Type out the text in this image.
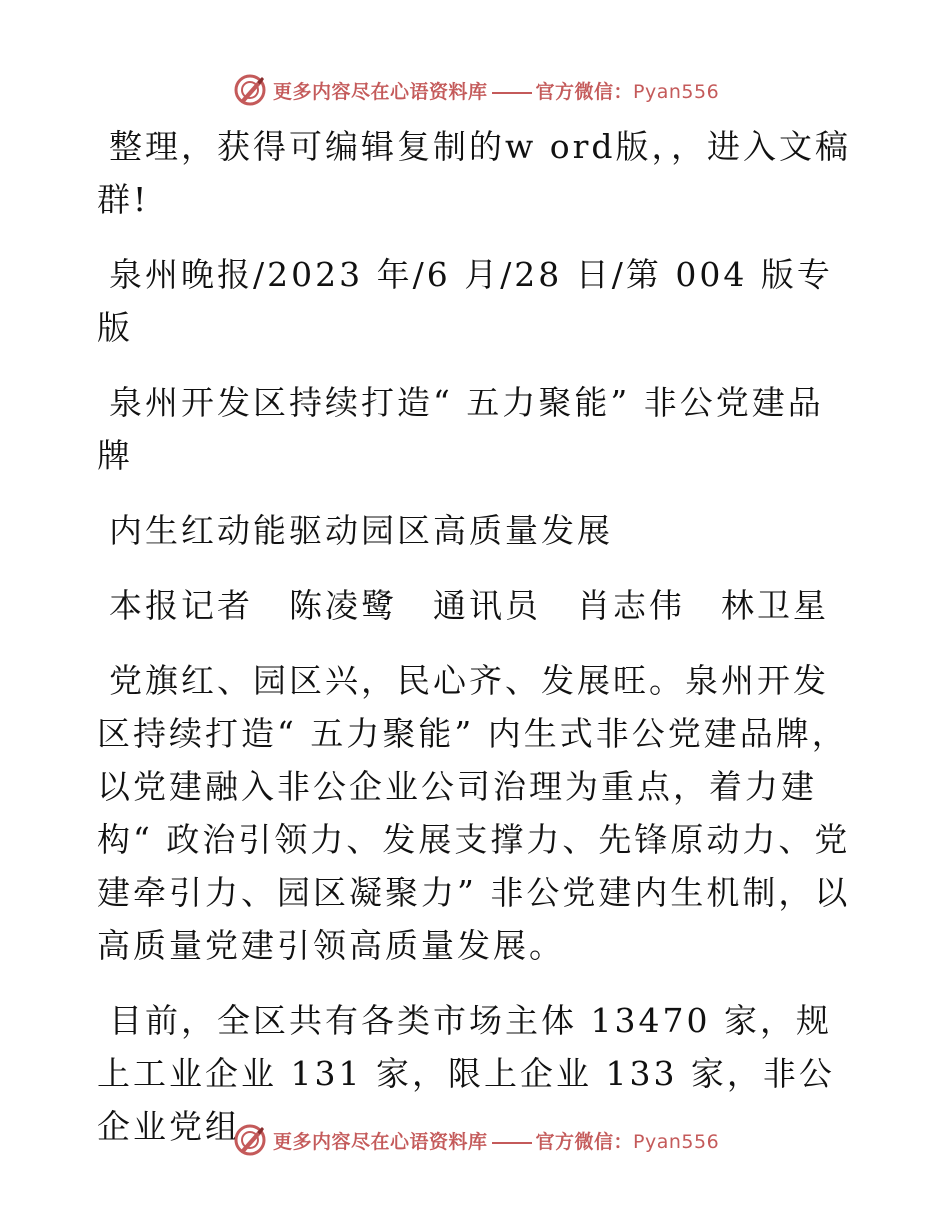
更多内容尽在心语资料库	官方微信：Pyan556

整理，获得可编辑复制的w ord版，，进入文稿群!

泉州晚报/2023 年/6 月/28 日/第 004 版专版

泉州开发区持续打造“ 五力聚能” 非公党建品牌

内生红动能驱动园区高质量发展

本报记者　陈凌鹭　通讯员　肖志伟　林卫星

党旗红、园区兴，民心齐、发展旺。泉州开发区持续打造“ 五力聚能” 内生式非公党建品牌，以党建融入非公企业公司治理为重点，着力建构“ 政治引领力、发展支撑力、先锋原动力、党建牵引力、园区凝聚力” 非公党建内生机制，以高质量党建引领高质量发展。

目前，全区共有各类市场主体 13470 家，规上工业企业 131 家，限上企业 133 家，非公企业党组	更多内容尽在心语资料库	官方微信：Pyan556
